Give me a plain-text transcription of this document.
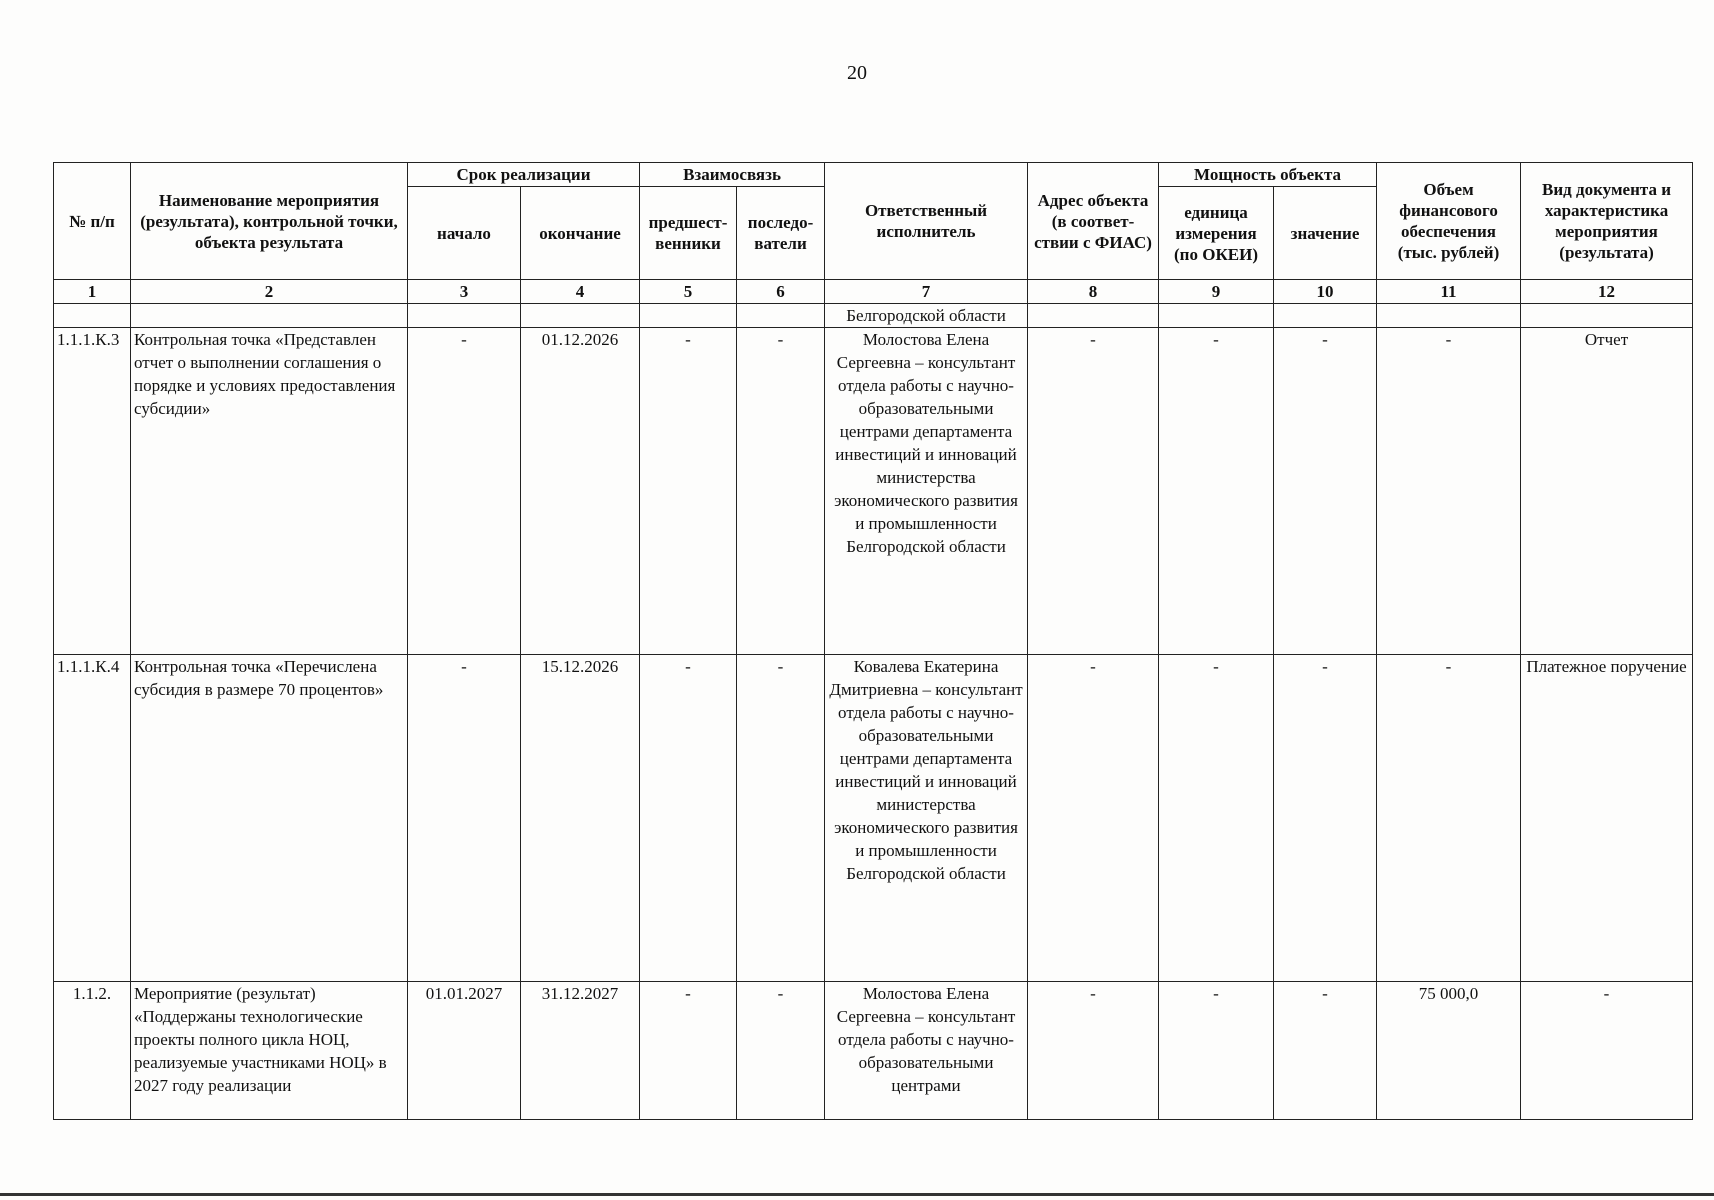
20
№ п/п	Наименование мероприятия (результата), контрольной точки, объекта результата	Срок реализации		Взаимосвязь		Ответственный исполнитель	Адрес объекта (в соответ-ствии с ФИАС)	Мощность объекта		Объем финансового обеспечения (тыс. рублей)	Вид документа и характеристика мероприятия (результата)
		начало	окончание	предшест-венники	последо-ватели			единица измерения (по ОКЕИ)	значение		
1	2	3	4	5	6	7	8	9	10	11	12
						Белгородской области					
1.1.1.К.3	Контрольная точка «Представлен отчет о выполнении соглашения о порядке и условиях предоставления субсидии»	-	01.12.2026	-	-	Молостова Елена Сергеевна – консультант отдела работы с научно-образовательными центрами департамента инвестиций и инноваций министерства экономического развития и промышленности Белгородской области	-	-	-	-	Отчет
1.1.1.К.4	Контрольная точка «Перечислена субсидия в размере 70 процентов»	-	15.12.2026	-	-	Ковалева Екатерина Дмитриевна – консультант отдела работы с научно-образовательными центрами департамента инвестиций и инноваций министерства экономического развития и промышленности Белгородской области	-	-	-	-	Платежное поручение
1.1.2.	Мероприятие (результат) «Поддержаны технологические проекты полного цикла НОЦ, реализуемые участниками НОЦ» в 2027 году реализации	01.01.2027	31.12.2027	-	-	Молостова Елена Сергеевна – консультант отдела работы с научно-образовательными центрами	-	-	-	75 000,0	-
